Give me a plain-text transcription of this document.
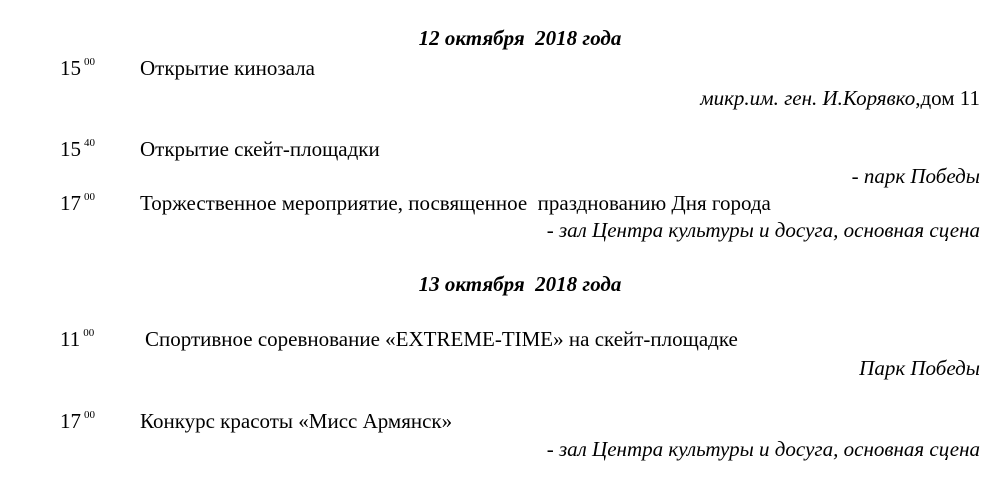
12 октября  2018 года
15 $^{00}$ Открытие кинозала
микр.им. ген. И.Корявко,дом 11
15 $^{40}$ Открытие скейт-площадки
- парк Победы
17 $^{00}$ Торжественное мероприятие, посвященное  празднованию Дня города
- зал Центра культуры и досуга, основная сцена
13 октября  2018 года
11 $^{00}$ Спортивное соревнование «EXTREME-TIME» на скейт-площадке
Парк Победы
17 $^{00}$ Конкурс красоты «Мисс Армянск»
- зал Центра культуры и досуга, основная сцена
